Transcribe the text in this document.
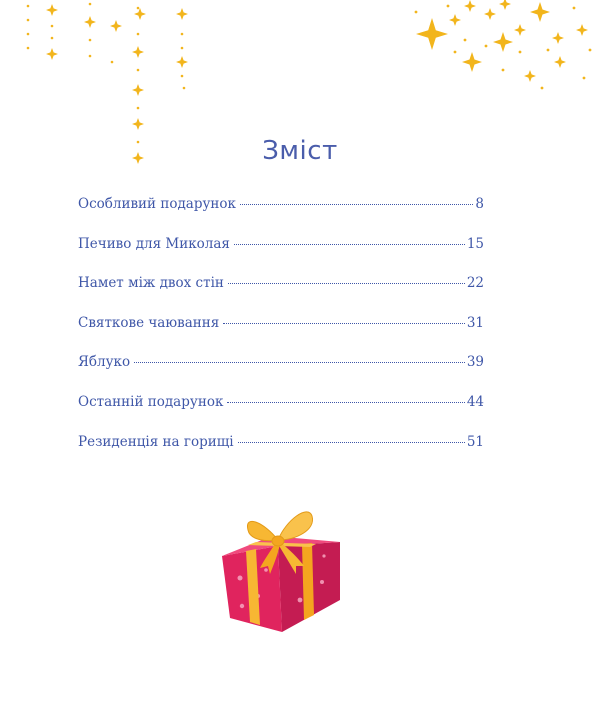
Зміст
Особливий подарунок	8
Печиво для Миколая	15
Намет між двох стін	22
Святкове чаювання	31
Яблуко	39
Останній подарунок	44
Резиденція на горищі	51
